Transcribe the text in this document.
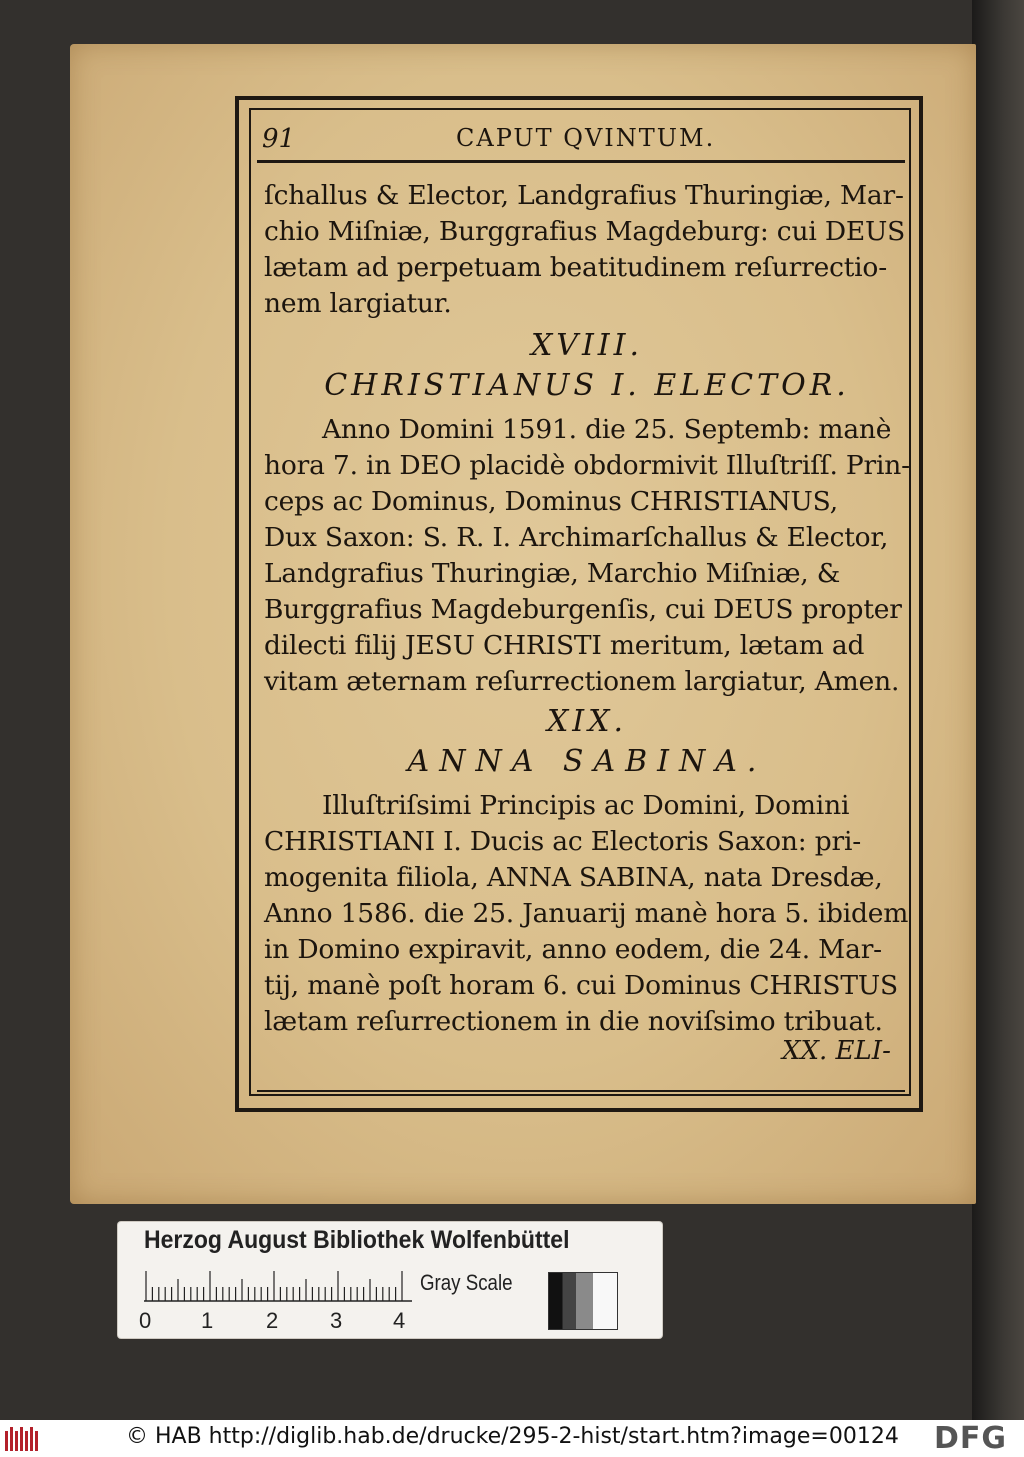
91	CAPUT QVINTUM.
ſchallus & Elector, Landgrafius Thuringiæ, Mar-
chio Miſniæ, Burggrafius Magdeburg: cui DEUS
lætam ad perpetuam beatitudinem reſurrectio-
nem largiatur.
XVIII.
CHRISTIANUS I. ELECTOR.
Anno Domini 1591. die 25. Septemb: manè
hora 7. in DEO placidè obdormivit Illuſtriſſ. Prin-
ceps ac Dominus, Dominus CHRISTIANUS,
Dux Saxon: S. R. I. Archimarſchallus & Elector,
Landgrafius Thuringiæ, Marchio Miſniæ, &
Burggrafius Magdeburgenſis, cui DEUS propter
dilecti filij JESU CHRISTI meritum, lætam ad
vitam æternam reſurrectionem largiatur, Amen.
XIX.
ANNA SABINA.
Illuſtriſsimi Principis ac Domini, Domini
CHRISTIANI I. Ducis ac Electoris Saxon: pri-
mogenita filiola, ANNA SABINA, nata Dresdæ,
Anno 1586. die 25. Januarij manè hora 5. ibidem
in Domino expiravit, anno eodem, die 24. Mar-
tij, manè poſt horam 6. cui Dominus CHRISTUS
lætam reſurrectionem in die noviſsimo tribuat.
XX. ELI-
Herzog August Bibliothek Wolfenbüttel
0 1 2 3 4
Gray Scale
© HAB http://diglib.hab.de/drucke/295-2-hist/start.htm?image=00124 DFG
